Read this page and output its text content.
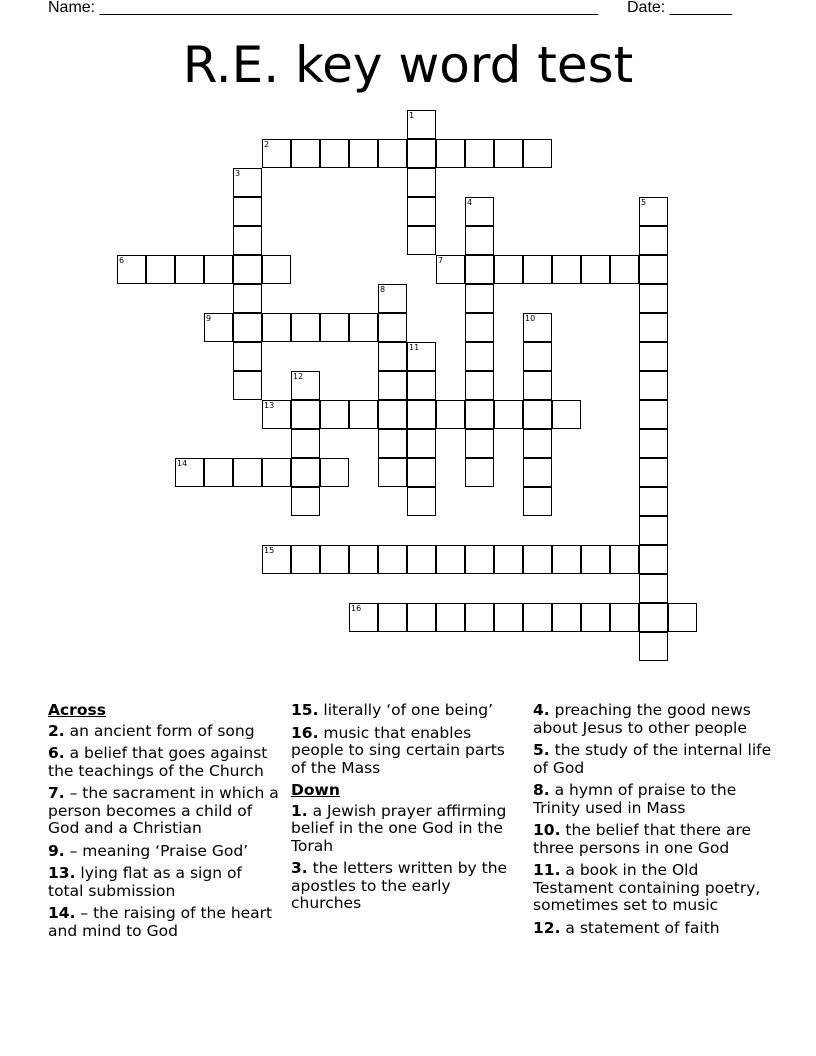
Name: ________________________________________________________ Date: _______
R.E. key word test
1
2
3
4	5
6	7
8
9	10
11
12
13
14
15
16
Across
2. an ancient form of song
6. a belief that goes against the teachings of the Church
7. – the sacrament in which a person becomes a child of God and a Christian
9. – meaning ‘Praise God’
13. lying flat as a sign of total submission
14. – the raising of the heart and mind to God
15. literally ‘of one being’
16. music that enables people to sing certain parts of the Mass
Down
1. a Jewish prayer affirming belief in the one God in the Torah
3. the letters written by the apostles to the early churches
4. preaching the good news about Jesus to other people
5. the study of the internal life of God
8. a hymn of praise to the Trinity used in Mass
10. the belief that there are three persons in one God
11. a book in the Old Testament containing poetry, sometimes set to music
12. a statement of faith
